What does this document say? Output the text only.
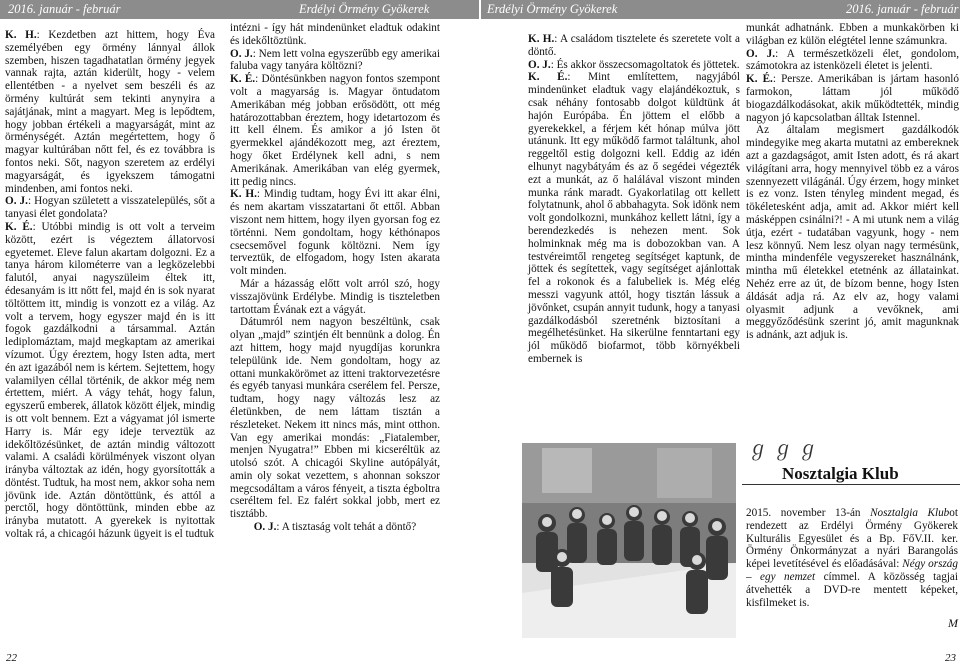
2016. január - február	Erdélyi Örmény Gyökerek

K. H.: Kezdetben azt hittem, hogy Éva személyében egy örmény lánnyal állok szemben, hiszen tagadhatatlan örmény jegyek vannak rajta, aztán kiderült, hogy - velem ellentétben - a nyelvet sem beszéli és az örmény kultúrát sem tekinti anynyira a sajátjának, mint a magyart. Meg is lepődtem, hogy jobban értékeli a magyarságát, mint az örménységét. Aztán megértettem, hogy ő magyar kultúrában nőtt fel, és ez továbbra is fontos neki. Sőt, nagyon szeretem az erdélyi magyarságát, és igyekszem támogatni mindenben, ami fontos neki.

O. J.: Hogyan született a visszatelepülés, sőt a tanyasi élet gondolata?

K. É.: Utóbbi mindig is ott volt a terveim között, ezért is végeztem állatorvosi egyetemet. Eleve falun akartam dolgozni. Ez a tanya három kilométerre van a legközelebbi falutól, anyai nagyszüleim éltek itt, édesanyám is itt nőtt fel, majd én is sok nyarat töltöttem itt, mindig is vonzott ez a világ. Az volt a tervem, hogy egyszer majd én is itt fogok gazdálkodni a társammal. Aztán lediplomáztam, majd megkaptam az amerikai vízumot. Úgy éreztem, hogy Isten adta, mert én azt igazából nem is kértem. Sejtettem, hogy valamilyen céllal történik, de akkor még nem értettem, miért. A vágy tehát, hogy falun, egyszerű emberek, állatok között éljek, mindig is ott volt bennem. Ezt a vágyamat jól ismerte Harry is. Már egy ideje terveztük az idekőltözésünket, de aztán mindig változott valami. A családi körülmények viszont olyan irányba változtak az idén, hogy gyorsították a döntést. Tudtuk, ha most nem, akkor soha nem jövünk ide. Aztán döntöttünk, és attól a perctől, hogy döntöttünk, minden ebbe az irányba mutatott. A gyerekek is nyitottak voltak rá, a chicagói házunk ügyeit is el tudtuk

intézni - így hát mindenünket eladtuk odakint és idekőltöztünk.

O. J.: Nem lett volna egyszerűbb egy amerikai faluba vagy tanyára költözni?

K. É.: Döntésünkben nagyon fontos szempont volt a magyarság is. Magyar öntudatom Amerikában még jobban erősödött, ott még határozottabban éreztem, hogy idetartozom és itt kell élnem. És amikor a jó Isten öt gyermekkel ajándékozott meg, azt éreztem, hogy őket Erdélynek kell adni, s nem Amerikának. Amerikában van elég gyermek, itt pedig nincs.

K. H.: Mindig tudtam, hogy Évi itt akar élni, és nem akartam visszatartani őt ettől. Abban viszont nem hittem, hogy ilyen gyorsan fog ez történni. Nem gondoltam, hogy kéthónapos csecsemővel fogunk költözni. Nem így terveztük, de elfogadom, hogy Isten akarata volt minden.

Már a házasság előtt volt arról szó, hogy visszajövünk Erdélybe. Mindig is tiszteletben tartottam Évának ezt a vágyát.

Dátumról nem nagyon beszéltünk, csak olyan „majd” szintjén élt bennünk a dolog. Én azt hittem, hogy majd nyugdíjas korunkra települünk ide. Nem gondoltam, hogy az ottani munkakörömet az itteni traktorvezetésre és egyéb tanyasi munkára cserélem fel. Persze, tudtam, hogy nagy változás lesz az életünkben, de nem láttam tisztán a részleteket. Nekem itt nincs más, mint otthon. Van egy amerikai mondás: „Fiatalember, menjen Nyugatra!” Ebben mi kicseréltük az utolsó szót. A chicagói Skyline autópályát, amin oly sokat vezettem, s ahonnan sokszor megcsodáltam a város fényeit, a tiszta égboltra cseréltem fel. Ez falért sokkal jobb, mert ez tisztább.

O. J.: A tisztaság volt tehát a döntő?

22
Erdélyi Örmény Gyökerek	2016. január - február

K. H.: A családom tisztelete és szeretete volt a döntő.

O. J.: És akkor összecsomagoltatok és jöttetek.

K. É.: Mint említettem, nagyjából mindenünket eladtuk vagy elajándékoztuk, s csak néhány fontosabb dolgot küldtünk át hajón Európába. Én jöttem el előbb a gyerekekkel, a férjem két hónap múlva jött utánunk. Itt egy működő farmot találtunk, ahol reggeltől estig dolgozni kell. Eddig az idén elhunyt nagybátyám és az ő segédei végezték ezt a munkát, az ő halálával viszont minden munka ránk maradt. Gyakorlatilag ott kellett folytatnunk, ahol ő abbahagyta. Sok idönk nem volt gondolkozni, munkához kellett látni, így a berendezkedés is nehezen ment. Sok holminknak még ma is dobozokban van. A testvéreimtől rengeteg segítséget kaptunk, de jöttek és segítettek, vagy segítséget ajánlottak fel a rokonok és a falubeliek is. Még elég messzi vagyunk attól, hogy tisztán lássuk a jövőnket, csupán annyit tudunk, hogy a tanyasi gazdálkodásból szeretnénk biztosítani a megélhetésünket. Ha sikerülne fenntartani egy jól működő biofarmot, több környékbeli embernek is

munkát adhatnánk. Ebben a munkakörben ki világban ez külön elégtétel lenne számunkra.

O. J.: A természetközeli élet, gondolom, számotokra az istenközeli életet is jelenti.

K. É.: Persze. Amerikában is jártam hasonló farmokon, láttam jól működő biogazdálkodásokat, akik működtették, mindig nagyon jó kapcsolatban álltak Istennel.

Az általam megismert gazdálkodók mindegyike meg akarta mutatni az embereknek azt a gazdagságot, amit Isten adott, és rá akart világítani arra, hogy mennyivel több ez a város szennyezett világánál. Úgy érzem, hogy minket is ez vonz. Isten tényleg mindent megad, és tökéletesként adja, amit ad. Akkor miért kell másképpen csinálni?! - A mi utunk nem a világ útja, ezért - tudatában vagyunk, hogy - nem lesz könnyű. Nem lesz olyan nagy termésünk, mintha mindenféle vegyszereket használnánk, mintha mű életekkel etetnénk az állatainkat. Nehéz erre az út, de bízom benne, hogy Isten áldását adja rá. Az elv az, hogy valami olyasmit adjunk a vevőknek, ami meggyőződésünk szerint jó, amit magunknak is adnánk, azt adjuk is.

ℊ ℊ ℊ
Nosztalgia Klub
2015. november 13-án Nosztalgia Klubot rendezett az Erdélyi Örmény Gyökerek Kulturális Egyesület és a Bp. FőV.II. ker. Örmény Önkormányzat a nyári Barangolás képei levetítésével és előadásával: Négy ország – egy nemzet címmel. A közösség tagjai átvehették a DVD-re mentett képeket, kisfilmeket is.
M
23
